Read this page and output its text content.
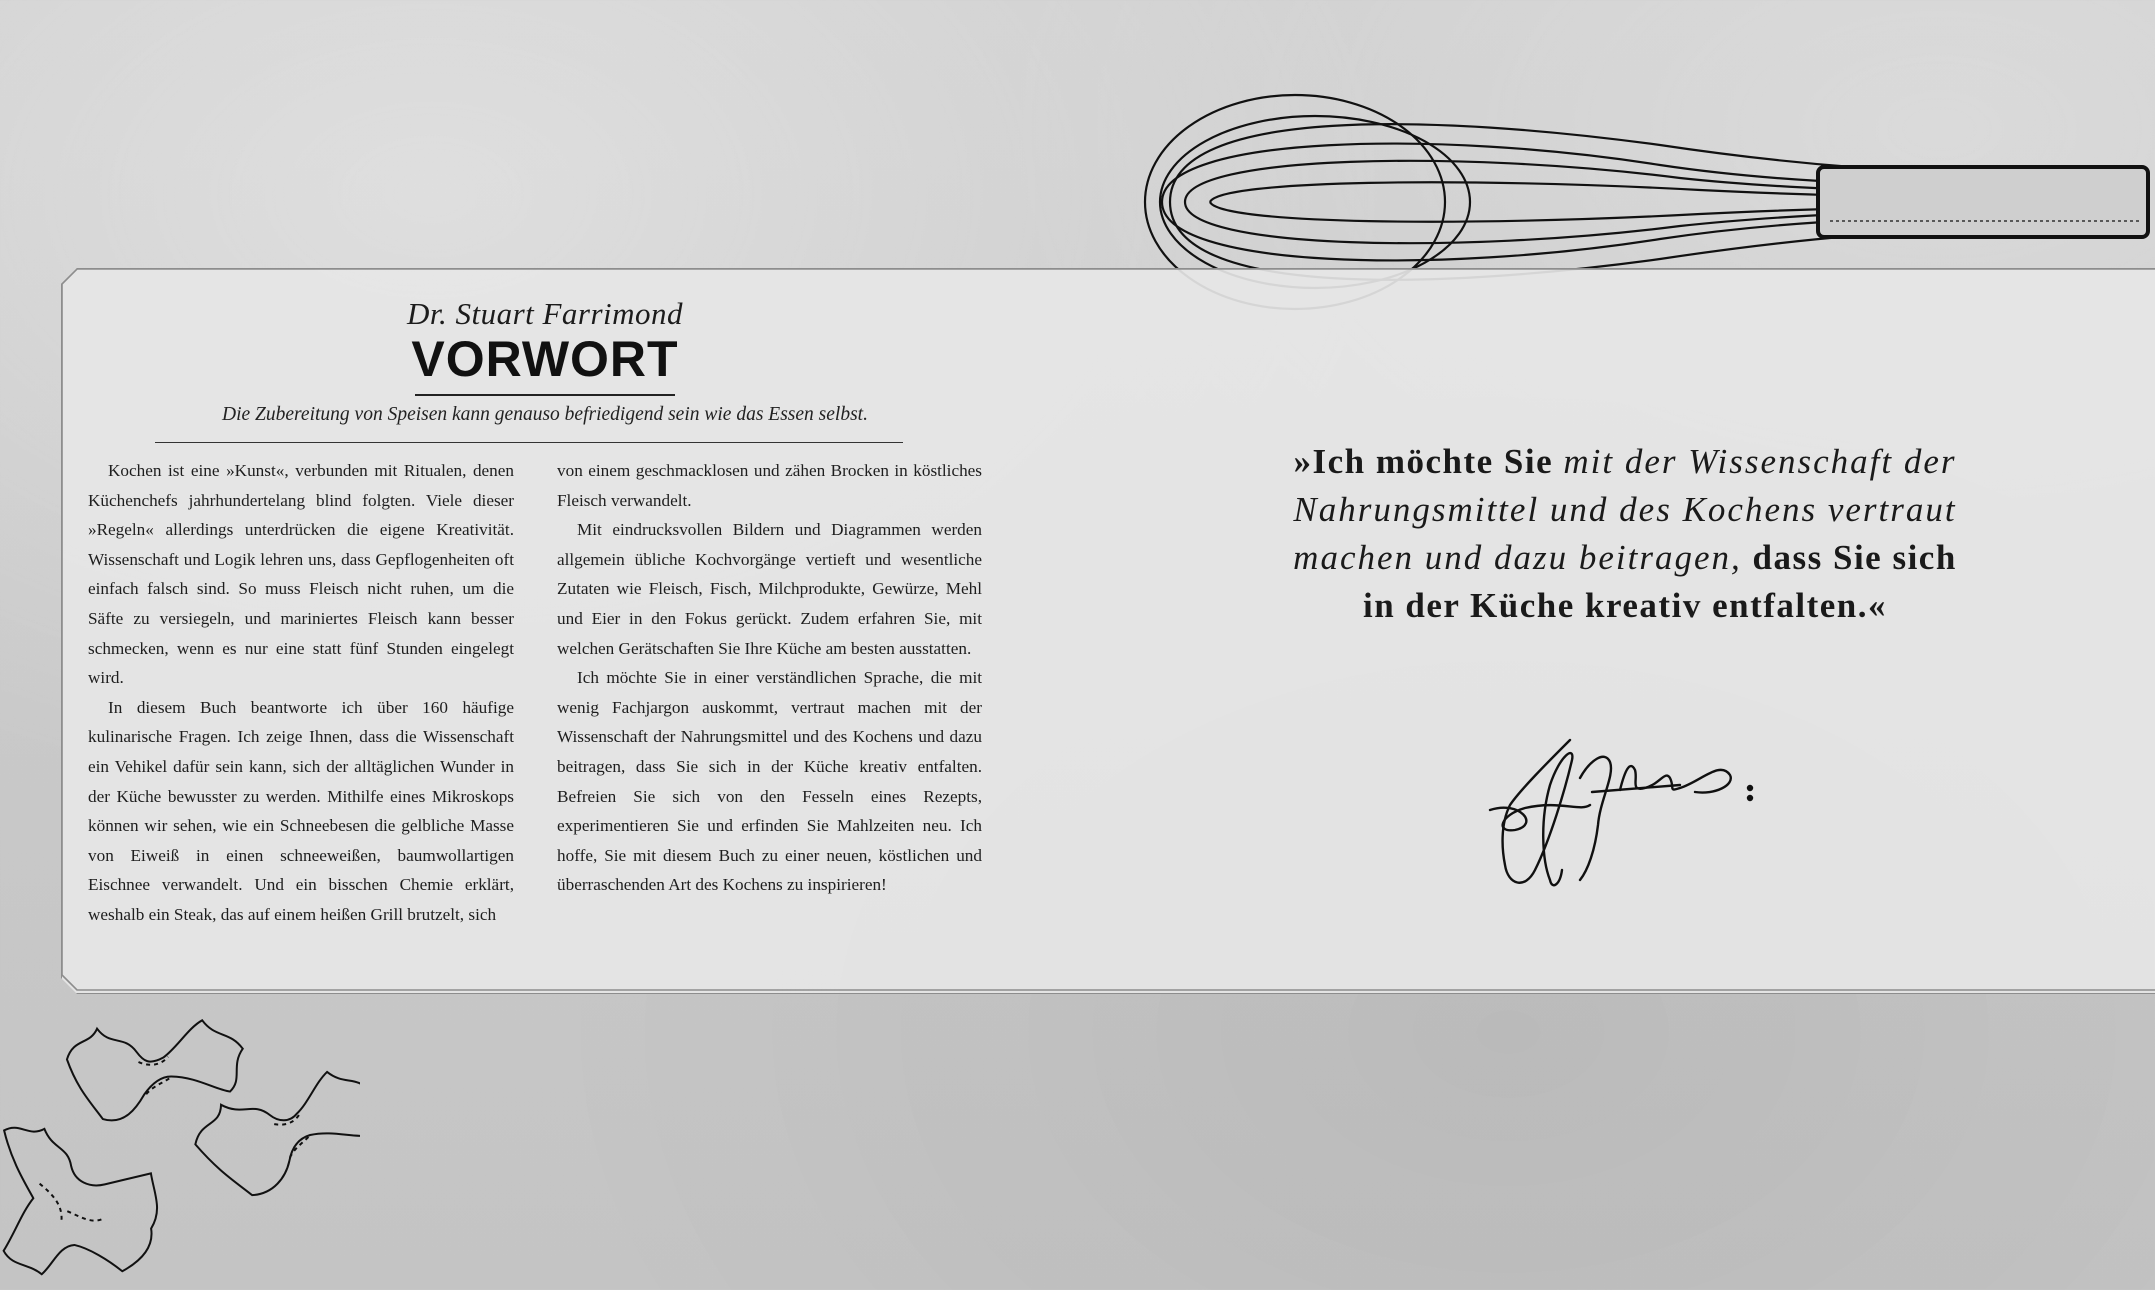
Dr. Stuart Farrimond
VORWORT
Die Zubereitung von Speisen kann genauso befriedigend sein wie das Essen selbst.

Kochen ist eine »Kunst«, verbunden mit Ritualen, denen Küchenchefs jahrhundertelang blind folgten. Viele dieser »Regeln« allerdings unterdrücken die eigene Kreativität. Wissenschaft und Logik lehren uns, dass Gepflogenheiten oft einfach falsch sind. So muss Fleisch nicht ruhen, um die Säfte zu versiegeln, und mariniertes Fleisch kann besser schmecken, wenn es nur eine statt fünf Stunden eingelegt wird.

In diesem Buch beantworte ich über 160 häufige kulinarische Fragen. Ich zeige Ihnen, dass die Wissenschaft ein Vehikel dafür sein kann, sich der alltäglichen Wunder in der Küche bewusster zu werden. Mithilfe eines Mikroskops können wir sehen, wie ein Schneebesen die gelbliche Masse von Eiweiß in einen schneeweißen, baumwollartigen Eischnee verwandelt. Und ein bisschen Chemie erklärt, weshalb ein Steak, das auf einem heißen Grill brutzelt, sich

von einem geschmacklosen und zähen Brocken in köstliches Fleisch verwandelt.

Mit eindrucksvollen Bildern und Diagrammen werden allgemein übliche Kochvorgänge vertieft und wesentliche Zutaten wie Fleisch, Fisch, Milchprodukte, Gewürze, Mehl und Eier in den Fokus gerückt. Zudem erfahren Sie, mit welchen Gerätschaften Sie Ihre Küche am besten ausstatten.

Ich möchte Sie in einer verständlichen Sprache, die mit wenig Fachjargon auskommt, vertraut machen mit der Wissenschaft der Nahrungsmittel und des Kochens und dazu beitragen, dass Sie sich in der Küche kreativ entfalten. Befreien Sie sich von den Fesseln eines Rezepts, experimentieren Sie und erfinden Sie Mahlzeiten neu. Ich hoffe, Sie mit diesem Buch zu einer neuen, köstlichen und überraschenden Art des Kochens zu inspirieren!

»Ich möchte Sie mit der Wissenschaft der Nahrungsmittel und des Kochens vertraut machen und dazu beitragen, dass Sie sich in der Küche kreativ entfalten.«
